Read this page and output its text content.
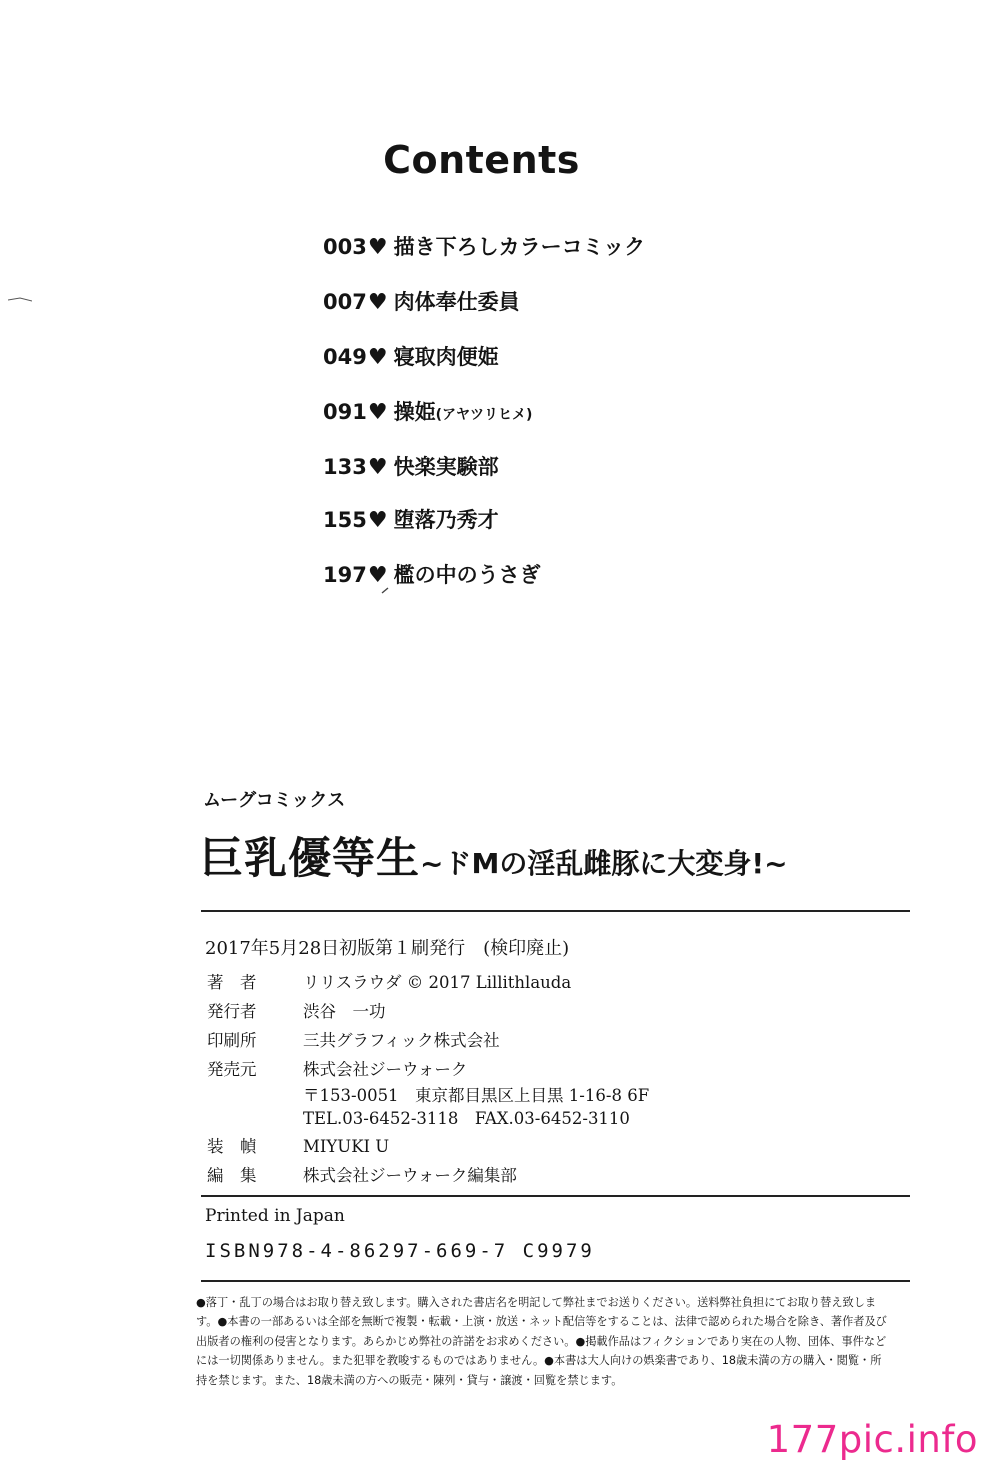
Contents
003♥ 描き下ろしカラーコミック
007♥ 肉体奉仕委員
049♥ 寝取肉便姫
091♥ 操姫(アヤツリヒメ)
133♥ 快楽実験部
155♥ 堕落乃秀才
197♥ 檻の中のうさぎ
ムーグコミックス
巨乳優等生~ドMの淫乱雌豚に大変身!~
2017年5月28日初版第１刷発行　(検印廃止)
著　者	リリスラウダ © 2017 Lillithlauda
発行者	渋谷　一功
印刷所	三共グラフィック株式会社
発売元	株式会社ジーウォーク
〒153-0051　東京都目黒区上目黒 1-16-8 6F
TEL.03-6452-3118　FAX.03-6452-3110
装　幀	MIYUKI U
編　集	株式会社ジーウォーク編集部
Printed in Japan
ISBN978-4-86297-669-7 C9979
●落丁・乱丁の場合はお取り替え致します。購入された書店名を明記して弊社までお送りください。送料弊社負担にてお取り替え致しま
す。●本書の一部あるいは全部を無断で複製・転載・上演・放送・ネット配信等をすることは、法律で認められた場合を除き、著作者及び
出版者の権利の侵害となります。あらかじめ弊社の許諾をお求めください。●掲載作品はフィクションであり実在の人物、団体、事件など
には一切関係ありません。また犯罪を教唆するものではありません。●本書は大人向けの娯楽書であり、18歳未満の方の購入・閲覧・所
持を禁じます。また、18歳未満の方への販売・陳列・貸与・譲渡・回覧を禁じます。
177pic.info
